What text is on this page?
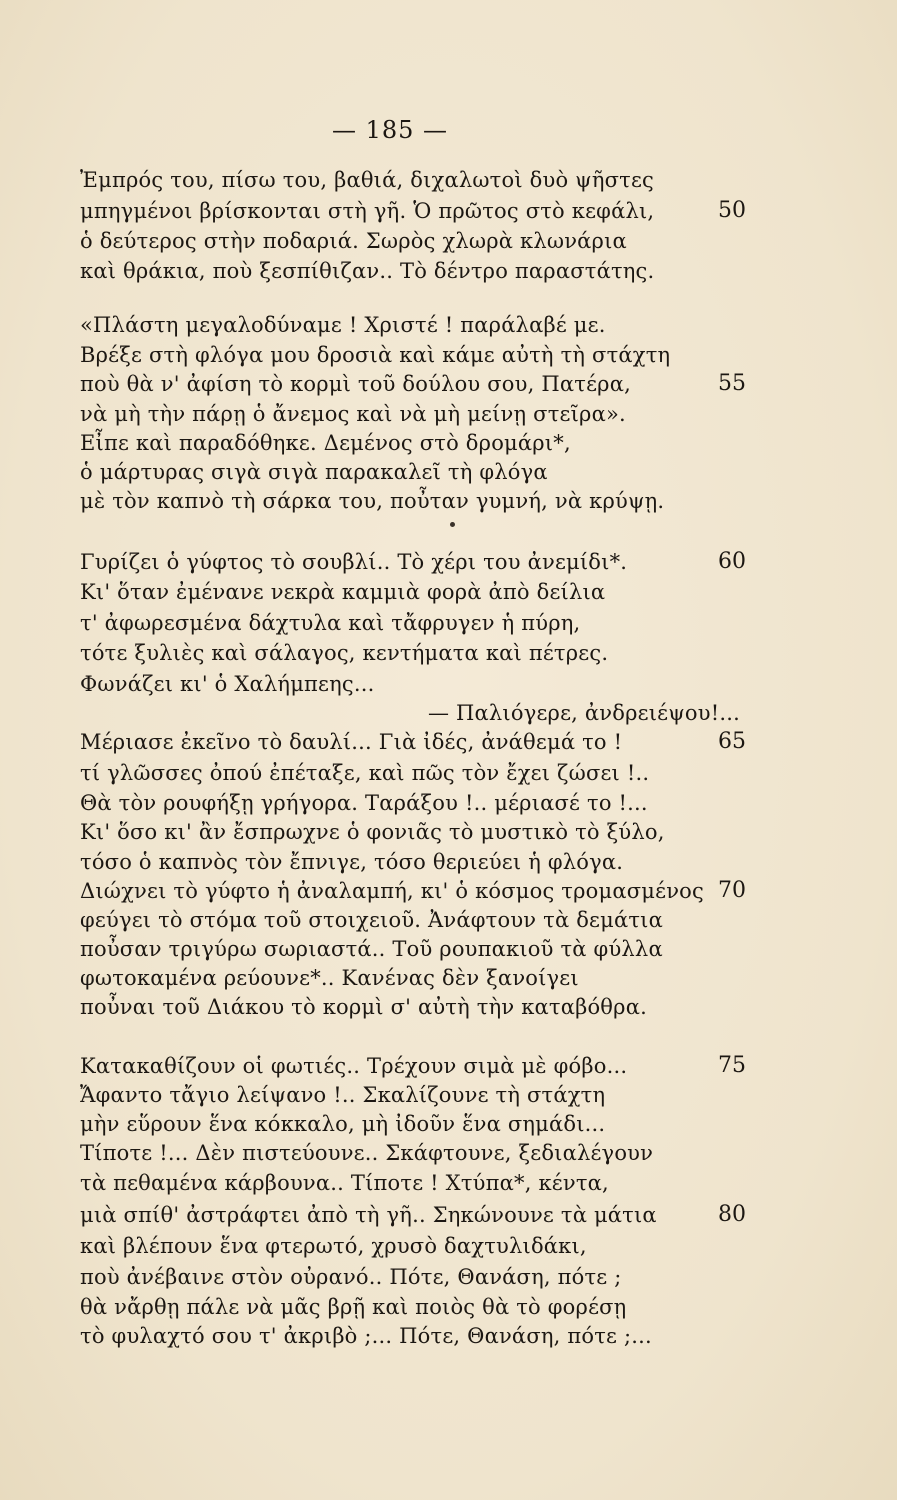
— 185 —
Ἐμπρός του, πίσω του, βαθιά, διχαλωτοὶ δυὸ ψῆστες
μπηγμένοι βρίσκονται στὴ γῆ. Ὁ πρῶτος στὸ κεφάλι,
ὁ δεύτερος στὴν ποδαριά. Σωρὸς χλωρὰ κλωνάρια
καὶ θράκια, ποὺ ξεσπίθιζαν.. Τὸ δέντρο παραστάτης.
«Πλάστη μεγαλοδύναμε ! Χριστέ ! παράλαβέ με.
Βρέξε στὴ φλόγα μου δροσιὰ καὶ κάμε αὐτὴ τὴ στάχτη
ποὺ θὰ ν' ἀφίση τὸ κορμὶ τοῦ δούλου σου, Πατέρα,
νὰ μὴ τὴν πάρῃ ὁ ἄνεμος καὶ νὰ μὴ μείνῃ στεῖρα».
Εἶπε καὶ παραδόθηκε. Δεμένος στὸ δρομάρι*,
ὁ μάρτυρας σιγὰ σιγὰ παρακαλεῖ τὴ φλόγα
μὲ τὸν καπνὸ τὴ σάρκα του, ποὖταν γυμνή, νὰ κρύψῃ.
Γυρίζει ὁ γύφτος τὸ σουβλί.. Τὸ χέρι του ἀνεμίδι*.
Κι' ὅταν ἐμένανε νεκρὰ καμμιὰ φορὰ ἀπὸ δείλια
τ' ἀφωρεσμένα δάχτυλα καὶ τἄφρυγεν ἡ πύρη,
τότε ξυλιὲς καὶ σάλαγος, κεντήματα καὶ πέτρες.
Φωνάζει κι' ὁ Χαλήμπεης...
— Παλιόγερε, ἀνδρειέψου!...
Μέριασε ἐκεῖνο τὸ δαυλί... Γιὰ ἰδές, ἀνάθεμά το !
τί γλῶσσες ὀπού ἐπέταξε, καὶ πῶς τὸν ἔχει ζώσει !..
Θὰ τὸν ρουφήξῃ γρήγορα. Ταράξου !.. μέριασέ το !...
Κι' ὅσο κι' ἂν ἔσπρωχνε ὁ φονιᾶς τὸ μυστικὸ τὸ ξύλο,
τόσο ὁ καπνὸς τὸν ἔπνιγε, τόσο θεριεύει ἡ φλόγα.
Διώχνει τὸ γύφτο ἡ ἀναλαμπή, κι' ὁ κόσμος τρομασμένος
φεύγει τὸ στόμα τοῦ στοιχειοῦ. Ἀνάφτουν τὰ δεμάτια
ποὖσαν τριγύρω σωριαστά.. Τοῦ ρουπακιοῦ τὰ φύλλα
φωτοκαμένα ρεύουνε*.. Κανένας δὲν ξανοίγει
ποὖναι τοῦ Διάκου τὸ κορμὶ σ' αὐτὴ τὴν καταβόθρα.
Κατακαθίζουν οἱ φωτιές.. Τρέχουν σιμὰ μὲ φόβο...
Ἄφαντο τἄγιο λείψανο !.. Σκαλίζουνε τὴ στάχτη
μὴν εὕρουν ἕνα κόκκαλο, μὴ ἰδοῦν ἕνα σημάδι...
Τίποτε !... Δὲν πιστεύουνε.. Σκάφτουνε, ξεδιαλέγουν
τὰ πεθαμένα κάρβουνα.. Τίποτε ! Χτύπα*, κέντα,
μιὰ σπίθ' ἀστράφτει ἀπὸ τὴ γῆ.. Σηκώνουνε τὰ μάτια
καὶ βλέπουν ἕνα φτερωτό, χρυσὸ δαχτυλιδάκι,
ποὺ ἀνέβαινε στὸν οὐρανό.. Πότε, Θανάση, πότε ;
θὰ νἄρθῃ πάλε νὰ μᾶς βρῇ καὶ ποιὸς θὰ τὸ φορέσῃ
τὸ φυλαχτό σου τ' ἀκριβὸ ;... Πότε, Θανάση, πότε ;...
50
55
60
65
70
75
80
